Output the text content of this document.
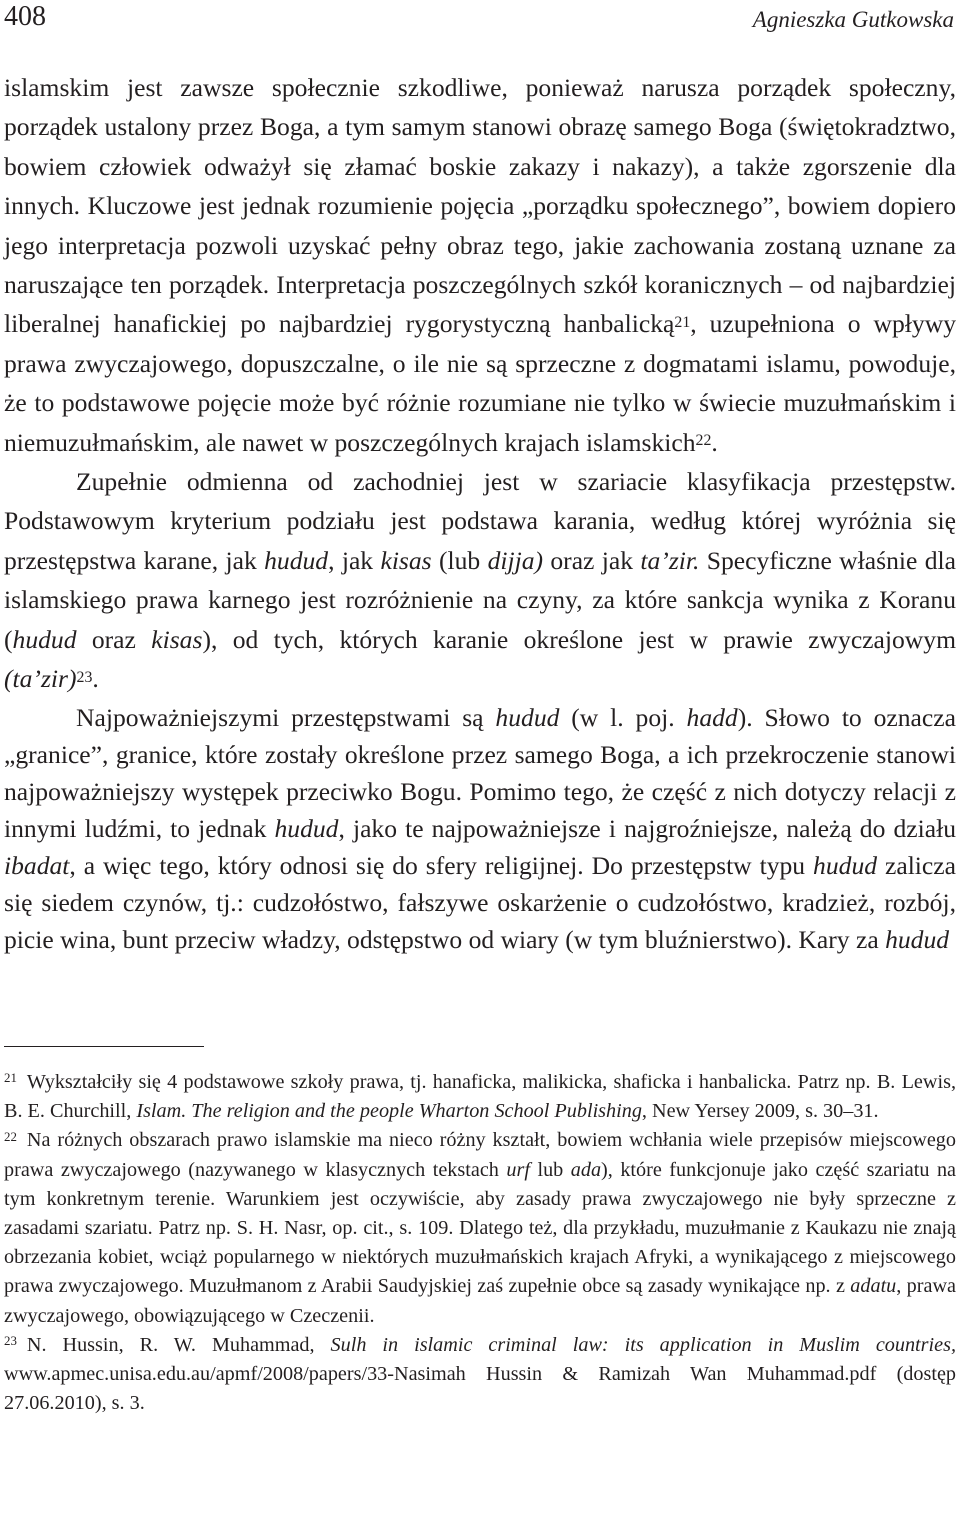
408	Agnieszka Gutkowska

islamskim jest zawsze społecznie szkodliwe, ponieważ narusza porządek społeczny, porządek ustalony przez Boga, a tym samym stanowi obrazę samego Boga (świętokradztwo, bowiem człowiek odważył się złamać boskie zakazy i nakazy), a także zgorszenie dla innych. Kluczowe jest jednak rozumienie pojęcia „porządku społecznego”, bowiem dopiero jego interpretacja pozwoli uzyskać pełny obraz tego, jakie zachowania zostaną uznane za naruszające ten porządek. Interpretacja poszczególnych szkół koranicznych – od najbardziej liberalnej hanafickiej po najbardziej rygorystyczną hanbalicką$^{21}$, uzupełniona o wpływy prawa zwyczajowego, dopuszczalne, o ile nie są sprzeczne z dogmatami islamu, powoduje, że to podstawowe pojęcie może być różnie rozumiane nie tylko w świecie muzułmańskim i niemuzułmańskim, ale nawet w poszczególnych krajach islamskich$^{22}$.

Zupełnie odmienna od zachodniej jest w szariacie klasyfikacja przestępstw. Podstawowym kryterium podziału jest podstawa karania, według której wyróżnia się przestępstwa karane, jak hudud, jak kisas (lub dijja) oraz jak ta’zir. Specyficzne właśnie dla islamskiego prawa karnego jest rozróżnienie na czyny, za które sankcja wynika z Koranu (hudud oraz kisas), od tych, których karanie określone jest w prawie zwyczajowym (ta’zir)$^{23}$.

Najpoważniejszymi przestępstwami są hudud (w l. poj. hadd). Słowo to oznacza „granice”, granice, które zostały określone przez samego Boga, a ich przekroczenie stanowi najpoważniejszy występek przeciwko Bogu. Pomimo tego, że część z nich dotyczy relacji z innymi ludźmi, to jednak hudud, jako te najpoważniejsze i najgroźniejsze, należą do działu ibadat, a więc tego, który odnosi się do sfery religijnej. Do przestępstw typu hudud zalicza się siedem czynów, tj.: cudzołóstwo, fałszywe oskarżenie o cudzołóstwo, kradzież, rozbój, picie wina, bunt przeciw władzy, odstępstwo od wiary (w tym bluźnierstwo). Kary za hudud

$^{21}$ Wykształciły się 4 podstawowe szkoły prawa, tj. hanaficka, malikicka, shaficka i hanbalicka. Patrz np. B. Lewis, B. E. Churchill, Islam. The religion and the people Wharton School Publishing, New Yersey 2009, s. 30–31.

$^{22}$ Na różnych obszarach prawo islamskie ma nieco różny kształt, bowiem wchłania wiele przepisów miejscowego prawa zwyczajowego (nazywanego w klasycznych tekstach urf lub ada), które funkcjonuje jako część szariatu na tym konkretnym terenie. Warunkiem jest oczywiście, aby zasady prawa zwyczajowego nie były sprzeczne z zasadami szariatu. Patrz np. S. H. Nasr, op. cit., s. 109. Dlatego też, dla przykładu, muzułmanie z Kaukazu nie znają obrzezania kobiet, wciąż popularnego w niektórych muzułmańskich krajach Afryki, a wynikającego z miejscowego prawa zwyczajowego. Muzułmanom z Arabii Saudyjskiej zaś zupełnie obce są zasady wynikające np. z adatu, prawa zwyczajowego, obowiązującego w Czeczenii.

$^{23}$ N. Hussin, R. W. Muhammad, Sulh in islamic criminal law: its application in Muslim countries, www.apmec.unisa.edu.au/apmf/2008/papers/33-Nasimah Hussin & Ramizah Wan Muhammad.pdf (dostęp 27.06.2010), s. 3.
